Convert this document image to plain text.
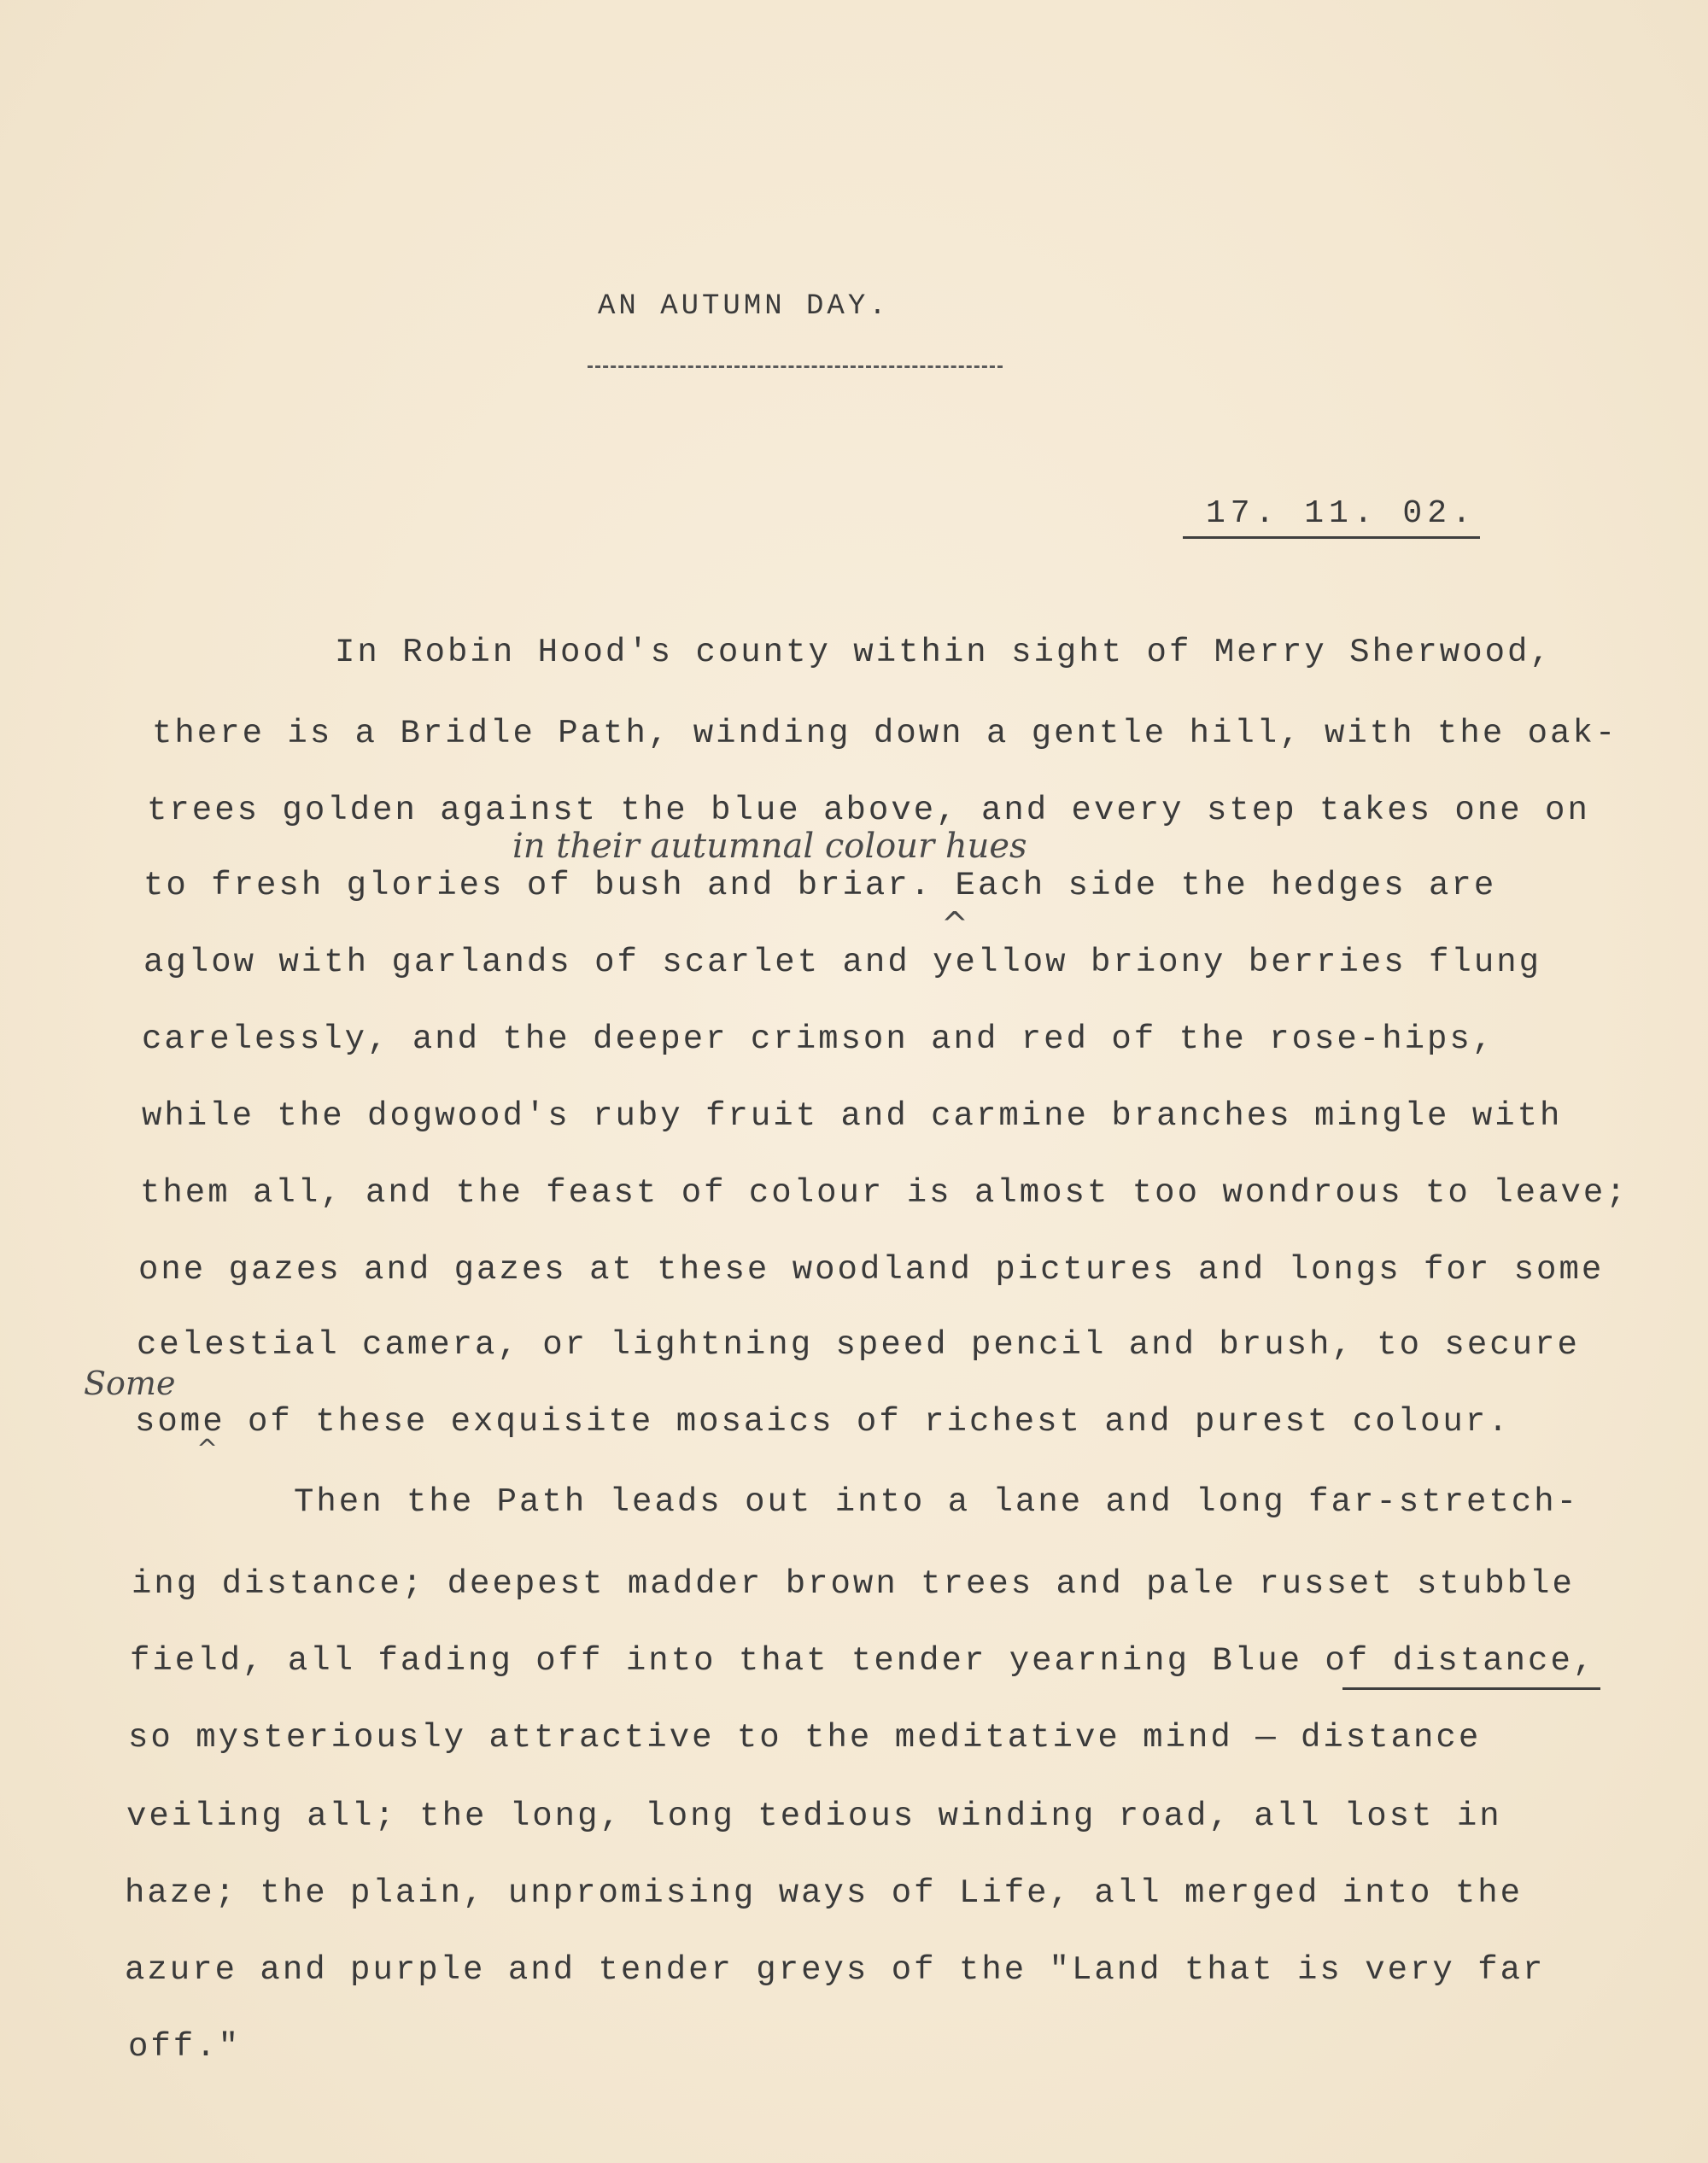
AN AUTUMN DAY.
17. 11. 02.
In Robin Hood's county within sight of Merry Sherwood,
there is a Bridle Path, winding down a gentle hill, with the oak-
trees golden against the blue above, and every step takes one on
to fresh glories of bush and briar. Each side the hedges are
aglow with garlands of scarlet and yellow briony berries flung
carelessly, and the deeper crimson and red of the rose-hips,
while the dogwood's ruby fruit and carmine branches mingle with
them all, and the feast of colour is almost too wondrous to leave;
one gazes and gazes at these woodland pictures and longs for some
celestial camera, or lightning speed pencil and brush, to secure
some of these exquisite mosaics of richest and purest colour.
Then the Path leads out into a lane and long far-stretch-
ing distance; deepest madder brown trees and pale russet stubble
field, all fading off into that tender yearning Blue of distance,
so mysteriously attractive to the meditative mind — distance
veiling all; the long, long tedious winding road, all lost in
haze; the plain, unpromising ways of Life, all merged into the
azure and purple and tender greys of the "Land that is very far
off."
in their autumnal colour hues
^
Some
^
